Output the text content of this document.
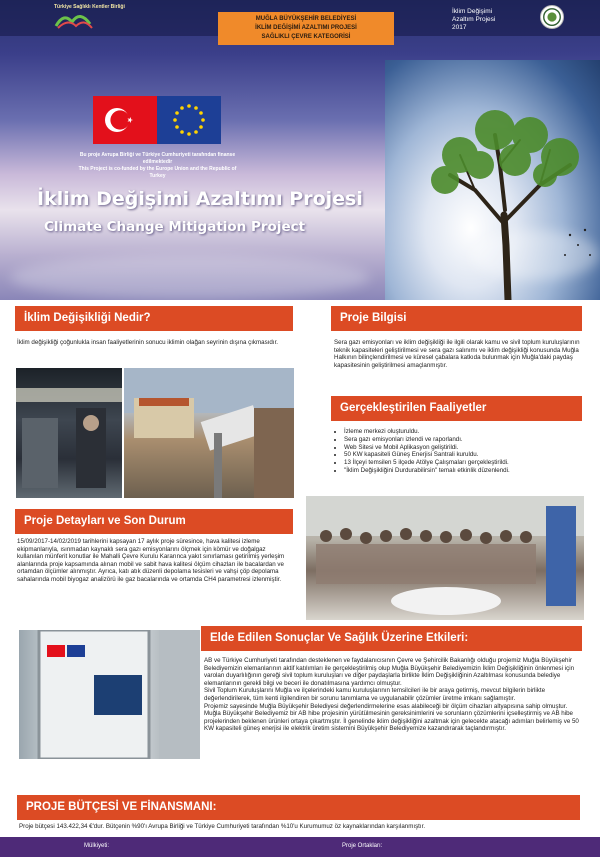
Türkiye Sağlıklı Kentler Birliği
MUĞLA BÜYÜKŞEHİR BELEDİYESİ
İKLİM DEĞİŞİMİ AZALTIMI PROJESİ
SAĞLIKLI ÇEVRE KATEGORİSİ
İklim Değişimi
Azaltım Projesi
2017
Bu proje Avrupa Birliği ve Türkiye Cumhuriyeti tarafından finanse edilmektedir
This Project is co-funded by the Europe Union and the Republic of Turkey
İklim Değişimi Azaltımı Projesi
Climate Change Mitigation Project
İklim Değişikliği Nedir?
İklim değişikliği çoğunlukla insan faaliyetlerinin sonucu iklimin olağan seyrinin dışına çıkmasıdır.
Proje Bilgisi
Sera gazı emisyonları ve iklim değişikliği ile ilgili olarak kamu ve sivil toplum kuruluşlarının teknik kapasiteleri geliştirilmesi ve sera gazı salınımı ve iklim değişikliği konusunda Muğla Halkının bilinçlendirilmesi ve küresel çabalara katkıda bulunmak için Muğla'daki paydaş kapasitesinin geliştirilmesi amaçlanmıştır.
Gerçekleştirilen Faaliyetler
• İzleme merkezi oluşturuldu.
• Sera gazı emisyonları izlendi ve raporlandı.
• Web Sitesi ve Mobil Aplikasyon geliştirildi.
• 50 KW kapasiteli Güneş Enerjisi Santrali kuruldu.
• 13 İlçeyi temsilen 5 ilçede Atölye Çalışmaları gerçekleştirildi.
• "İklim Değişikliğini Durdurabilirsin" temalı etkinlik düzenlendi.
Proje Detayları ve Son Durum
15/09/2017-14/02/2019 tarihlerini kapsayan 17 aylık proje süresince, hava kalitesi izleme ekipmanlarıyla, ısınmadan kaynaklı sera gazı emisyonlarını ölçmek için kömür ve doğalgaz kullanılan münferit konutlar ile Mahalli Çevre Kurulu Kararınca yakıt sınırlaması getirilmiş yerleşim alanlarında proje kapsamında alınan mobil ve sabit hava kalitesi ölçüm cihazları ile bacalardan ve ortamdan ölçümler alınmıştır. Ayrıca, katı atık düzenli depolama tesisleri ve vahşi çöp depolama sahalarında mobil biyogaz analizörü ile gaz bacalarında ve ortamda CH4 parametresi izlenmiştir.
Elde Edilen Sonuçlar Ve Sağlık Üzerine Etkileri:
AB ve Türkiye Cumhuriyeti tarafından desteklenen ve faydalanıcısının Çevre ve Şehircilik Bakanlığı olduğu projemiz Muğla Büyükşehir Belediyemizin elemanlarının aktif katılımları ile gerçekleştirilmiş olup Muğla Büyükşehir Belediyemizin İklim Değişikliğinin önlenmesi için varolan duyarlılığının gereği sivil toplum kuruluşları ve diğer paydaşlarla birlikte İklim Değişikliğinin Azaltılması konusunda belediye elemanlarının gerekli bilgi ve beceri ile donatılmasına yardımcı olmuştur.
Sivil Toplum Kuruluşlarını Muğla ve ilçelerindeki kamu kuruluşlarının temsilcileri ile bir araya getirmiş, mevcut bilgilerin birlikte değerlendirilerek, tüm kenti ilgilendiren bir sorunu tanımlama ve uygulanabilir çözümler üretme imkanı sağlamıştır.
Projemiz sayesinde Muğla Büyükşehir Belediyesi değerlendirmelerine esas alabileceği bir ölçüm cihazları altyapısına sahip olmuştur. Muğla Büyükşehir Belediyemiz bir AB hibe projesinin yürütülmesinin gereksinimlerini ve sorunların çözümlerini içselleştirmiş ve AB hibe projelerinden beklenen ürünleri ortaya çıkartmıştır. İl genelinde iklim değişikliğini azaltmak için gelecekte atacağı adımları belirlemiş ve 50 KW kapasiteli güneş enerjisi ile elektrik üretim sistemini Büyükşehir Belediyemize kazandırarak taçlandırmıştır.
PROJE BÜTÇESİ VE FİNANSMANI:
Proje bütçesi 143.422,34 €'dur. Bütçenin %90'ı Avrupa Birliği ve Türkiye Cumhuriyeti tarafından %10'u Kurumumuz öz kaynaklarından karşılanmıştır.
Mülkiyeti:	Proje Ortakları:
